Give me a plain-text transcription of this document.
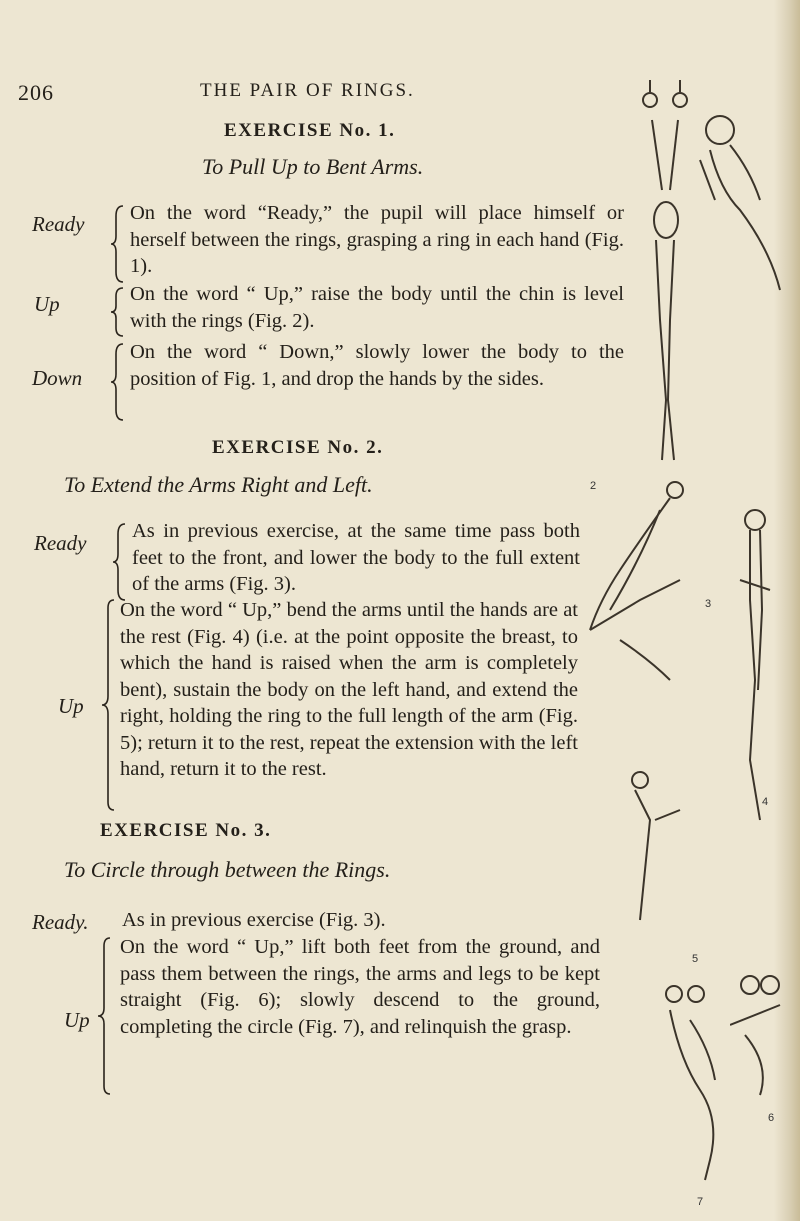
206	THE PAIR OF RINGS.
EXERCISE No. 1.
To Pull Up to Bent Arms.
Ready On the word “Ready,” the pupil will place himself or herself between the rings, grasping a ring in each hand (Fig. 1).
Up	On the word “ Up,” raise the body until the chin is level with the rings (Fig. 2).
Down
On the word “ Down,” slowly lower the body to the position of Fig. 1, and drop the hands by the sides.
EXERCISE No. 2.
To Extend the Arms Right and Left.
Ready As in previous exercise, at the same time pass both feet to the front, and lower the body to the full extent of the arms (Fig. 3).
Up
On the word “ Up,” bend the arms until the hands are at the rest (Fig. 4) (i.e. at the point opposite the breast, to which the hand is raised when the arm is completely bent), sustain the body on the left hand, and extend the right, holding the ring to the full length of the arm (Fig. 5); return it to the rest, repeat the extension with the left hand, return it to the rest.
EXERCISE No. 3.
To Circle through between the Rings.
Ready. As in previous exercise (Fig. 3).
Up
On the word “ Up,” lift both feet from the ground, and pass them between the rings, the arms and legs to be kept straight (Fig. 6); slowly descend to the ground, completing the circle (Fig. 7), and relinquish the grasp.
2
3
4
5
6
7
